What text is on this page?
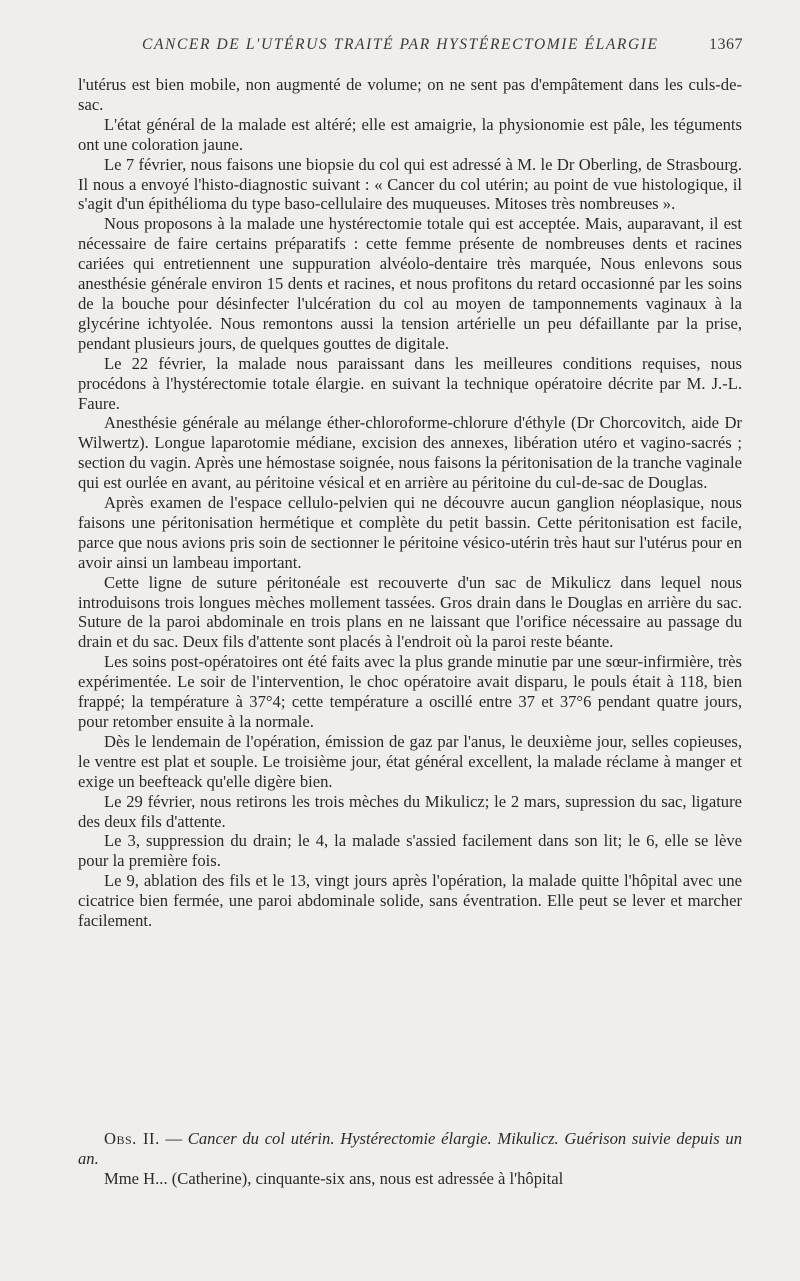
CANCER DE L'UTÉRUS TRAITÉ PAR HYSTÉRECTOMIE ÉLARGIE	1367

l'utérus est bien mobile, non augmenté de volume; on ne sent pas d'empâtement dans les culs-de-sac.

L'état général de la malade est altéré; elle est amaigrie, la physionomie est pâle, les téguments ont une coloration jaune.

Le 7 février, nous faisons une biopsie du col qui est adressé à M. le Dr Oberling, de Strasbourg. Il nous a envoyé l'histo-diagnostic suivant : « Cancer du col utérin; au point de vue histologique, il s'agit d'un épithélioma du type baso-cellulaire des muqueuses. Mitoses très nombreuses ».

Nous proposons à la malade une hystérectomie totale qui est acceptée. Mais, auparavant, il est nécessaire de faire certains préparatifs : cette femme présente de nombreuses dents et racines cariées qui entretiennent une suppuration alvéolo-dentaire très marquée, Nous enlevons sous anesthésie générale environ 15 dents et racines, et nous profitons du retard occasionné par les soins de la bouche pour désinfecter l'ulcération du col au moyen de tamponnements vaginaux à la glycérine ichtyolée. Nous remontons aussi la tension artérielle un peu défaillante par la prise, pendant plusieurs jours, de quelques gouttes de digitale.

Le 22 février, la malade nous paraissant dans les meilleures conditions requises, nous procédons à l'hystérectomie totale élargie. en suivant la technique opératoire décrite par M. J.-L. Faure.

Anesthésie générale au mélange éther-chloroforme-chlorure d'éthyle (Dr Chorcovitch, aide Dr Wilwertz). Longue laparotomie médiane, excision des annexes, libération utéro et vagino-sacrés ; section du vagin. Après une hémostase soignée, nous faisons la péritonisation de la tranche vaginale qui est ourlée en avant, au péritoine vésical et en arrière au péritoine du cul-de-sac de Douglas.

Après examen de l'espace cellulo-pelvien qui ne découvre aucun ganglion néoplasique, nous faisons une péritonisation hermétique et complète du petit bassin. Cette péritonisation est facile, parce que nous avions pris soin de sectionner le péritoine vésico-utérin très haut sur l'utérus pour en avoir ainsi un lambeau important.

Cette ligne de suture péritonéale est recouverte d'un sac de Mikulicz dans lequel nous introduisons trois longues mèches mollement tassées. Gros drain dans le Douglas en arrière du sac. Suture de la paroi abdominale en trois plans en ne laissant que l'orifice nécessaire au passage du drain et du sac. Deux fils d'attente sont placés à l'endroit où la paroi reste béante.

Les soins post-opératoires ont été faits avec la plus grande minutie par une sœur-infirmière, très expérimentée. Le soir de l'intervention, le choc opératoire avait disparu, le pouls était à 118, bien frappé; la température à 37°4; cette température a oscillé entre 37 et 37°6 pendant quatre jours, pour retomber ensuite à la normale.

Dès le lendemain de l'opération, émission de gaz par l'anus, le deuxième jour, selles copieuses, le ventre est plat et souple. Le troisième jour, état général excellent, la malade réclame à manger et exige un beefteack qu'elle digère bien.

Le 29 février, nous retirons les trois mèches du Mikulicz; le 2 mars, supression du sac, ligature des deux fils d'attente.

Le 3, suppression du drain; le 4, la malade s'assied facilement dans son lit; le 6, elle se lève pour la première fois.

Le 9, ablation des fils et le 13, vingt jours après l'opération, la malade quitte l'hôpital avec une cicatrice bien fermée, une paroi abdominale solide, sans éventration. Elle peut se lever et marcher facilement.

Obs. II. — Cancer du col utérin. Hystérectomie élargie. Mikulicz. Guérison suivie depuis un an.

Mme H... (Catherine), cinquante-six ans, nous est adressée à l'hôpital
